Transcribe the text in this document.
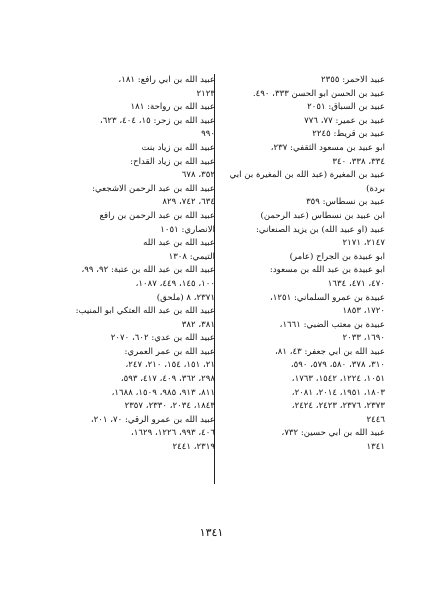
عبيد الاحمر: ٢٣٥٥
عبيد بن الحسن ابو الحسن ٣٣٣، ٤٩٠.
عبيد بن السباق: ٢٠٥١
عبيد بن عمير: ٧٧، ٧٧٦
عبيد بن قريط: ٢٢٤٥
ابو عبيد بن مسعود الثقفي: ٢٣٧،
٣٣٤، ٣٣٨، ٣٤٠
عبيد بن المغيرة (عبد الله بن المغيرة بن ابي
بردة)
عبيد بن نسطاس: ٣٥٩
ابن عبيد بن نسطاس (عبد الرحمن)
عبيد (او عبيد الله) بن يزيد الصنعاني:
٢١٤٧، ٢١٧١
ابو عبيدة بن الجراح (عامر)
ابو عبيدة بن عبد الله بن مسعود:
٤٧٠، ٤٧١، ١٦٣٤
عبيدة بن عمرو السلماني: ١٢٥١،
١٧٢٠، ١٨٥٣
عبيدة بن معتب الضبي: ١٦٦١،
١٦٩٠، ٢٠٣٣
عبيد الله بن ابي جعفر: ٤٣، ٨١،
٣١٠، ٣٧٨، ٥٨٠، ٥٧٩، ٥٩٠،
١٠٥١، ١٢٢٤، ١٥٤٢، ١٧٦٣،
١٨٠٣، ١٩٥١، ٢٠١٤، ٢٠٨١،
٢٣٧٣، ٢٣٧٦، ٢٤٢٣، ٢٤٢٤،
٢٤٤٦
عبيد الله بن ابي حسين: ٧٣٢،
١٣٤١
عبيد الله بن ابي رافع: ١٨١،
٢١٢٣
عبيد الله بن رواحة: ١٨١
عبيد الله بن زحر: ١٥، ٤٠٤، ٦٢٣،
٩٩٠
عبيد الله بن زياد بنت
عبيد الله بن زياد القداح:
٣٥٢، ٦٧٨
عبيد الله بن عبد الرحمن الاشجعي:
٦٣٤، ٧٤٢، ٨٢٩
عبيد الله بن عبد الرحمن بن رافع
الانصاري: ١٠٥١
عبيد الله بن عبد الله
التيمي: ١٣٠٨
عبيد الله بن عبد الله بن عتبة: ٩٢، ٩٩،
١٠٠، ١٤٥، ٤٤٩، ١٠٨٧،
٢٣٧١، ٨ (ملحق)
عبيد الله بن عبد الله العتكي ابو المنيب:
٣٨١، ٣٨٢
عبيد الله بن عدي: ٦٠٢، ٢٠٧٠
عبيد الله بن عمر العمري:
٢١، ١٥١، ١٥٤، ٢١٠، ٢٤٧،
٢٩٨، ٣٦٢، ٤٠٩، ٤١٧، ٥٩٣،
٨١١، ٩١٣، ٩٨٥، ١٥٠٩، ١٦٨٨،
١٨٤٣، ٢٠٣٤، ٢٣٣٠، ٢٣٥٧
عبيد الله بن عمرو الرقي: ٧٠، ٢٠١،
٤٠٦، ٩٩٣، ١٢٢٦، ١٦٢٩،
٢٣١٩، ٢٤٤١
١٣٤١
